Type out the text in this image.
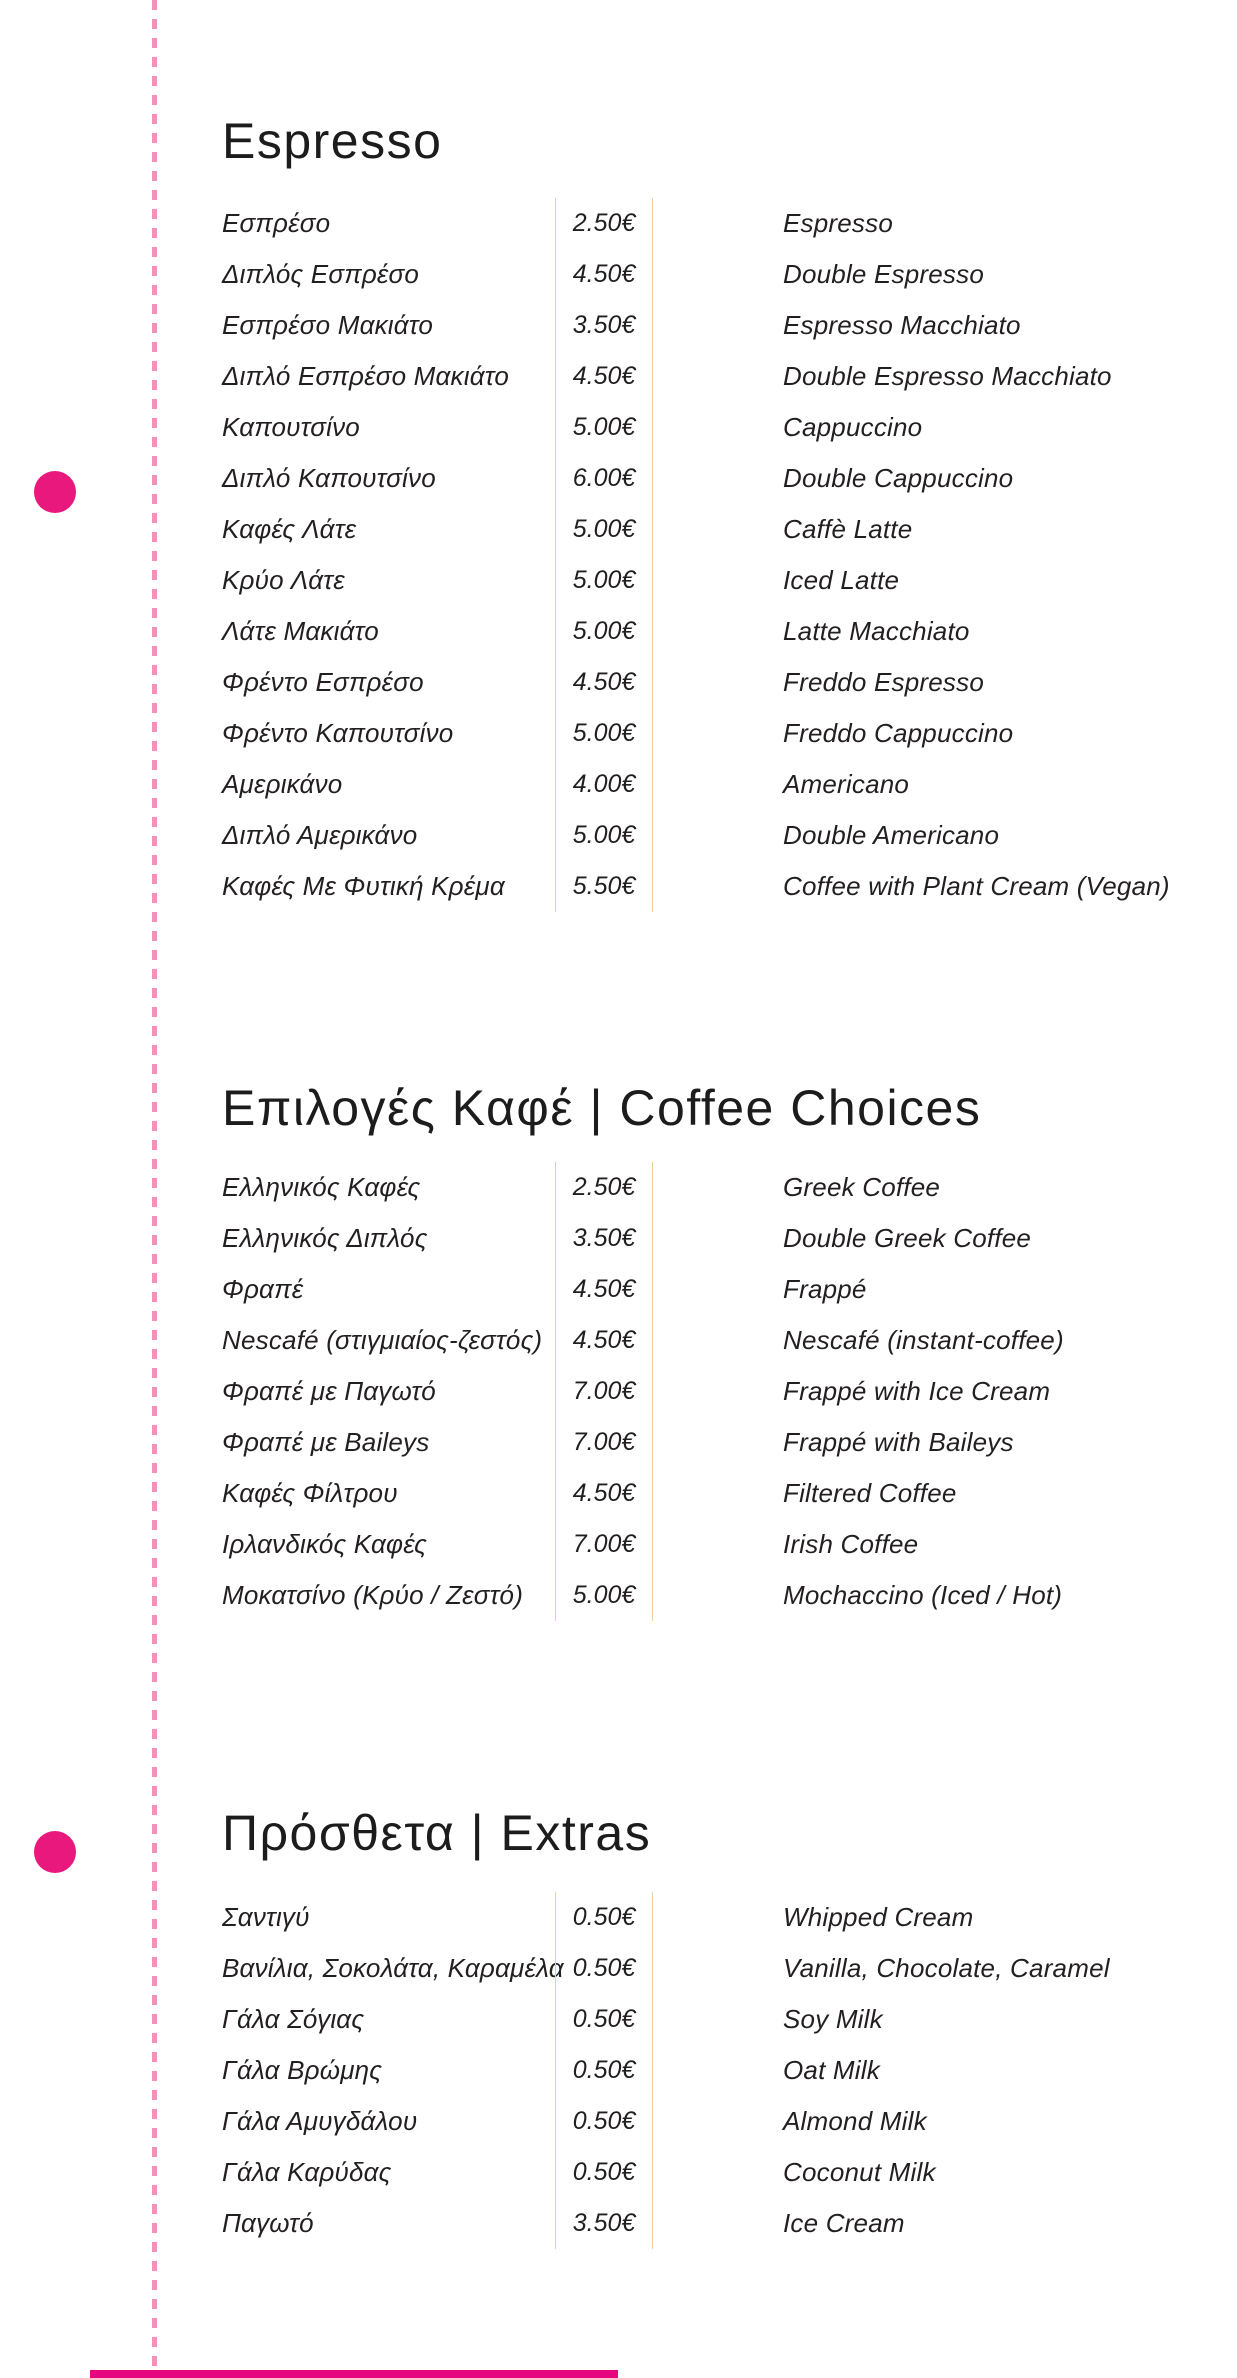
Espresso
Εσπρέσο	2.50€	Espresso
Διπλός Εσπρέσο	4.50€	Double Espresso
Εσπρέσο Μακιάτο	3.50€	Espresso Macchiato
Διπλό Εσπρέσο Μακιάτο	4.50€	Double Espresso Macchiato
Καπουτσίνο	5.00€	Cappuccino
Διπλό Καπουτσίνο	6.00€	Double Cappuccino
Καφές Λάτε	5.00€	Caffè Latte
Κρύο Λάτε	5.00€	Iced Latte
Λάτε Μακιάτο	5.00€	Latte Macchiato
Φρέντο Εσπρέσο	4.50€	Freddo Espresso
Φρέντο Καπουτσίνο	5.00€	Freddo Cappuccino
Αμερικάνο	4.00€	Americano
Διπλό Αμερικάνο	5.00€	Double Americano
Καφές Με Φυτική Κρέμα	5.50€	Coffee with Plant Cream (Vegan)
Επιλογές Καφέ | Coffee Choices
Ελληνικός Καφές	2.50€	Greek Coffee
Ελληνικός Διπλός	3.50€	Double Greek Coffee
Φραπέ	4.50€	Frappé
Nescafé (στιγμιαίος-ζεστός)	4.50€	Nescafé (instant-coffee)
Φραπέ με Παγωτό	7.00€	Frappé with Ice Cream
Φραπέ με Baileys	7.00€	Frappé with Baileys
Καφές Φίλτρου	4.50€	Filtered Coffee
Ιρλανδικός Καφές	7.00€	Irish Coffee
Μοκατσίνο (Κρύο / Ζεστό)	5.00€	Mochaccino (Iced / Hot)
Πρόσθετα | Extras
Σαντιγύ	0.50€	Whipped Cream
Βανίλια, Σοκολάτα, Καραμέλα 0.50€	Vanilla, Chocolate, Caramel
Γάλα Σόγιας	0.50€	Soy Milk
Γάλα Βρώμης	0.50€	Oat Milk
Γάλα Αμυγδάλου	0.50€	Almond Milk
Γάλα Καρύδας	0.50€	Coconut Milk
Παγωτό	3.50€	Ice Cream
